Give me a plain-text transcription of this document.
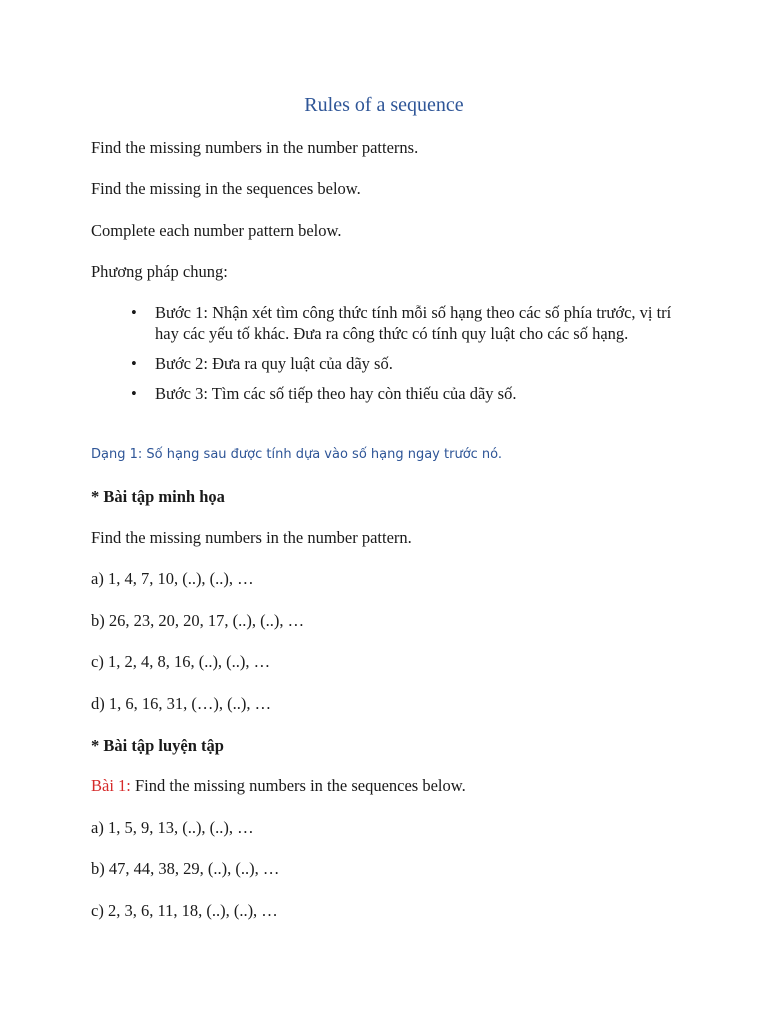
Rules of a sequence

Find the missing numbers in the number patterns.

Find the missing in the sequences below.

Complete each number pattern below.

Phương pháp chung:

• Bước 1: Nhận xét tìm công thức tính mỗi số hạng theo các số phía trước, vị trí hay các yếu tố khác. Đưa ra công thức có tính quy luật cho các số hạng.
• Bước 2: Đưa ra quy luật của dãy số.
• Bước 3: Tìm các số tiếp theo hay còn thiếu của dãy số.

Dạng 1: Số hạng sau được tính dựa vào số hạng ngay trước nó.

* Bài tập minh họa

Find the missing numbers in the number pattern.

a) 1, 4, 7, 10, (..), (..), …

b) 26, 23, 20, 20, 17, (..), (..), …

c) 1, 2, 4, 8, 16, (..), (..), …

d) 1, 6, 16, 31, (…), (..), …

* Bài tập luyện tập

Bài 1: Find the missing numbers in the sequences below.

a) 1, 5, 9, 13, (..), (..), …

b) 47, 44, 38, 29, (..), (..), …

c) 2, 3, 6, 11, 18, (..), (..), …
